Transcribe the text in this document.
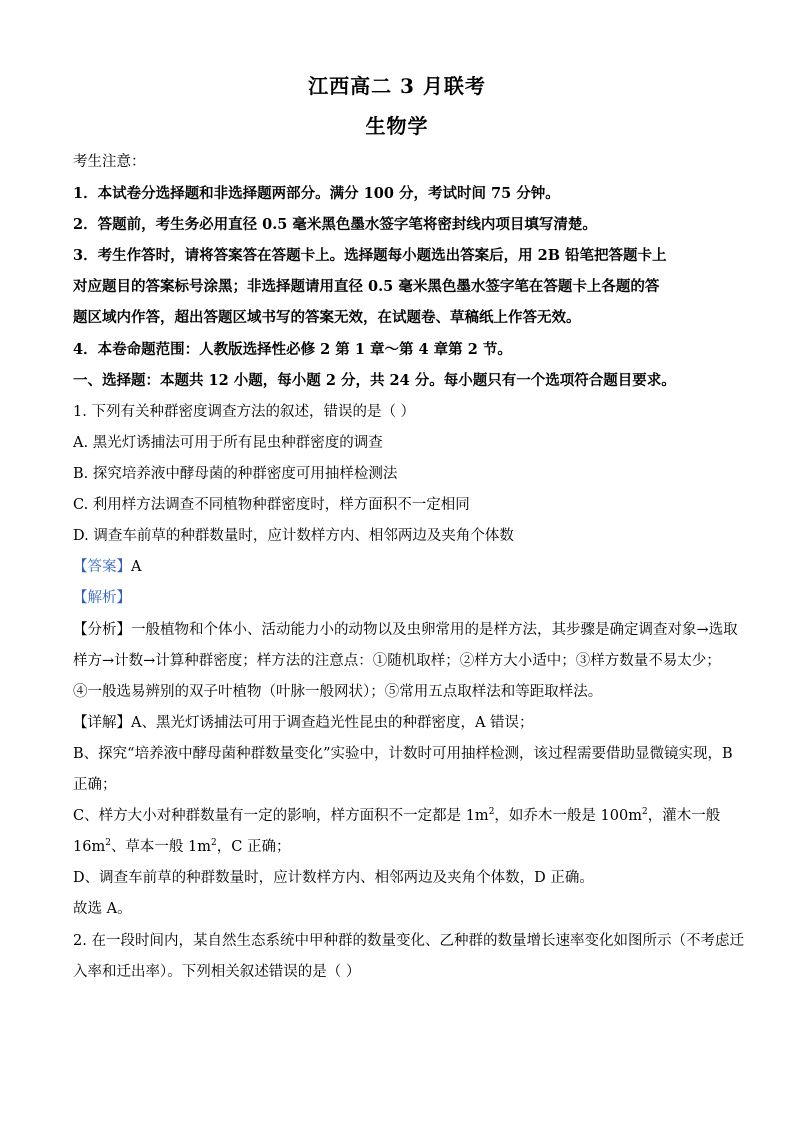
江西高二 3 月联考
生物学
考生注意：
1．本试卷分选择题和非选择题两部分。满分 100 分，考试时间 75 分钟。
2．答题前，考生务必用直径 0.5 毫米黑色墨水签字笔将密封线内项目填写清楚。
3．考生作答时，请将答案答在答题卡上。选择题每小题选出答案后，用 2B 铅笔把答题卡上
对应题目的答案标号涂黑；非选择题请用直径 0.5 毫米黑色墨水签字笔在答题卡上各题的答
题区域内作答，超出答题区域书写的答案无效，在试题卷、草稿纸上作答无效。
4．本卷命题范围：人教版选择性必修 2 第 1 章～第 4 章第 2 节。
一、选择题：本题共 12 小题，每小题 2 分，共 24 分。每小题只有一个选项符合题目要求。
1. 下列有关种群密度调查方法的叙述，错误的是（ ）
A. 黑光灯诱捕法可用于所有昆虫种群密度的调查
B. 探究培养液中酵母菌的种群密度可用抽样检测法
C. 利用样方法调查不同植物种群密度时，样方面积不一定相同
D. 调查车前草的种群数量时，应计数样方内、相邻两边及夹角个体数
【答案】A
【解析】
【分析】一般植物和个体小、活动能力小的动物以及虫卵常用的是样方法，其步骤是确定调查对象→选取
样方→计数→计算种群密度；样方法的注意点：①随机取样；②样方大小适中；③样方数量不易太少；
④一般选易辨别的双子叶植物（叶脉一般网状）；⑤常用五点取样法和等距取样法。
【详解】A、黑光灯诱捕法可用于调查趋光性昆虫的种群密度，A 错误；
B、探究“培养液中酵母菌种群数量变化”实验中，计数时可用抽样检测，该过程需要借助显微镜实现，B
正确；
C、样方大小对种群数量有一定的影响，样方面积不一定都是 $1m^2$，如乔木一般是 $100m^2$，灌木一般
$16m^2$、草本一般 $1m^2$，C 正确；
D、调查车前草的种群数量时，应计数样方内、相邻两边及夹角个体数，D 正确。
故选 A。
2. 在一段时间内，某自然生态系统中甲种群的数量变化、乙种群的数量增长速率变化如图所示（不考虑迁
入率和迁出率）。下列相关叙述错误的是（ ）
